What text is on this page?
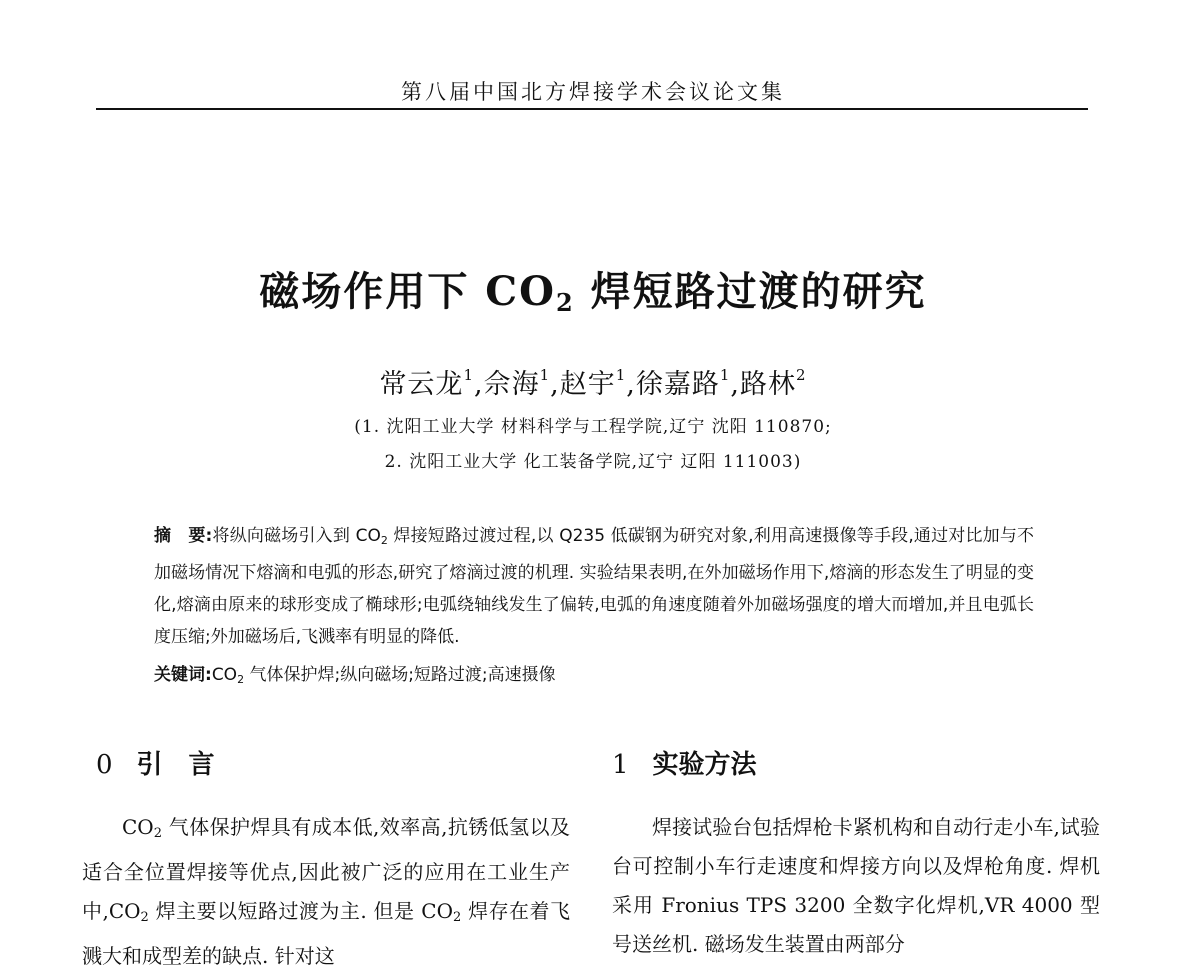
第八届中国北方焊接学术会议论文集
磁场作用下 $CO_2$ 焊短路过渡的研究
常云龙$^1$,佘海$^1$,赵宇$^1$,徐嘉路$^1$,路林$^2$
(1. 沈阳工业大学 材料科学与工程学院,辽宁 沈阳 110870;
2. 沈阳工业大学 化工装备学院,辽宁 辽阳 111003)

摘　要:将纵向磁场引入到 $CO_2$ 焊接短路过渡过程,以 Q235 低碳钢为研究对象,利用高速摄像等手段,通过对比加与不加磁场情况下熔滴和电弧的形态,研究了熔滴过渡的机理. 实验结果表明,在外加磁场作用下,熔滴的形态发生了明显的变化,熔滴由原来的球形变成了椭球形;电弧绕轴线发生了偏转,电弧的角速度随着外加磁场强度的增大而增加,并且电弧长度压缩;外加磁场后,飞溅率有明显的降低.

关键词$:CO_2$ 气体保护焊;纵向磁场;短路过渡;高速摄像

0 引　言	1 实验方法

$CO_2$ 气体保护焊具有成本低,效率高,抗锈低氢以及适合全位置焊接等优点,因此被广泛的应用在工业生产中$,CO_2$ 焊主要以短路过渡为主. 但是 $CO_2$ 焊存在着飞溅大和成型差的缺点. 针对这

焊接试验台包括焊枪卡紧机构和自动行走小车,试验台可控制小车行走速度和焊接方向以及焊枪角度. 焊机采用 Fronius TPS 3200 全数字化焊机,VR 4000 型号送丝机. 磁场发生装置由两部分
